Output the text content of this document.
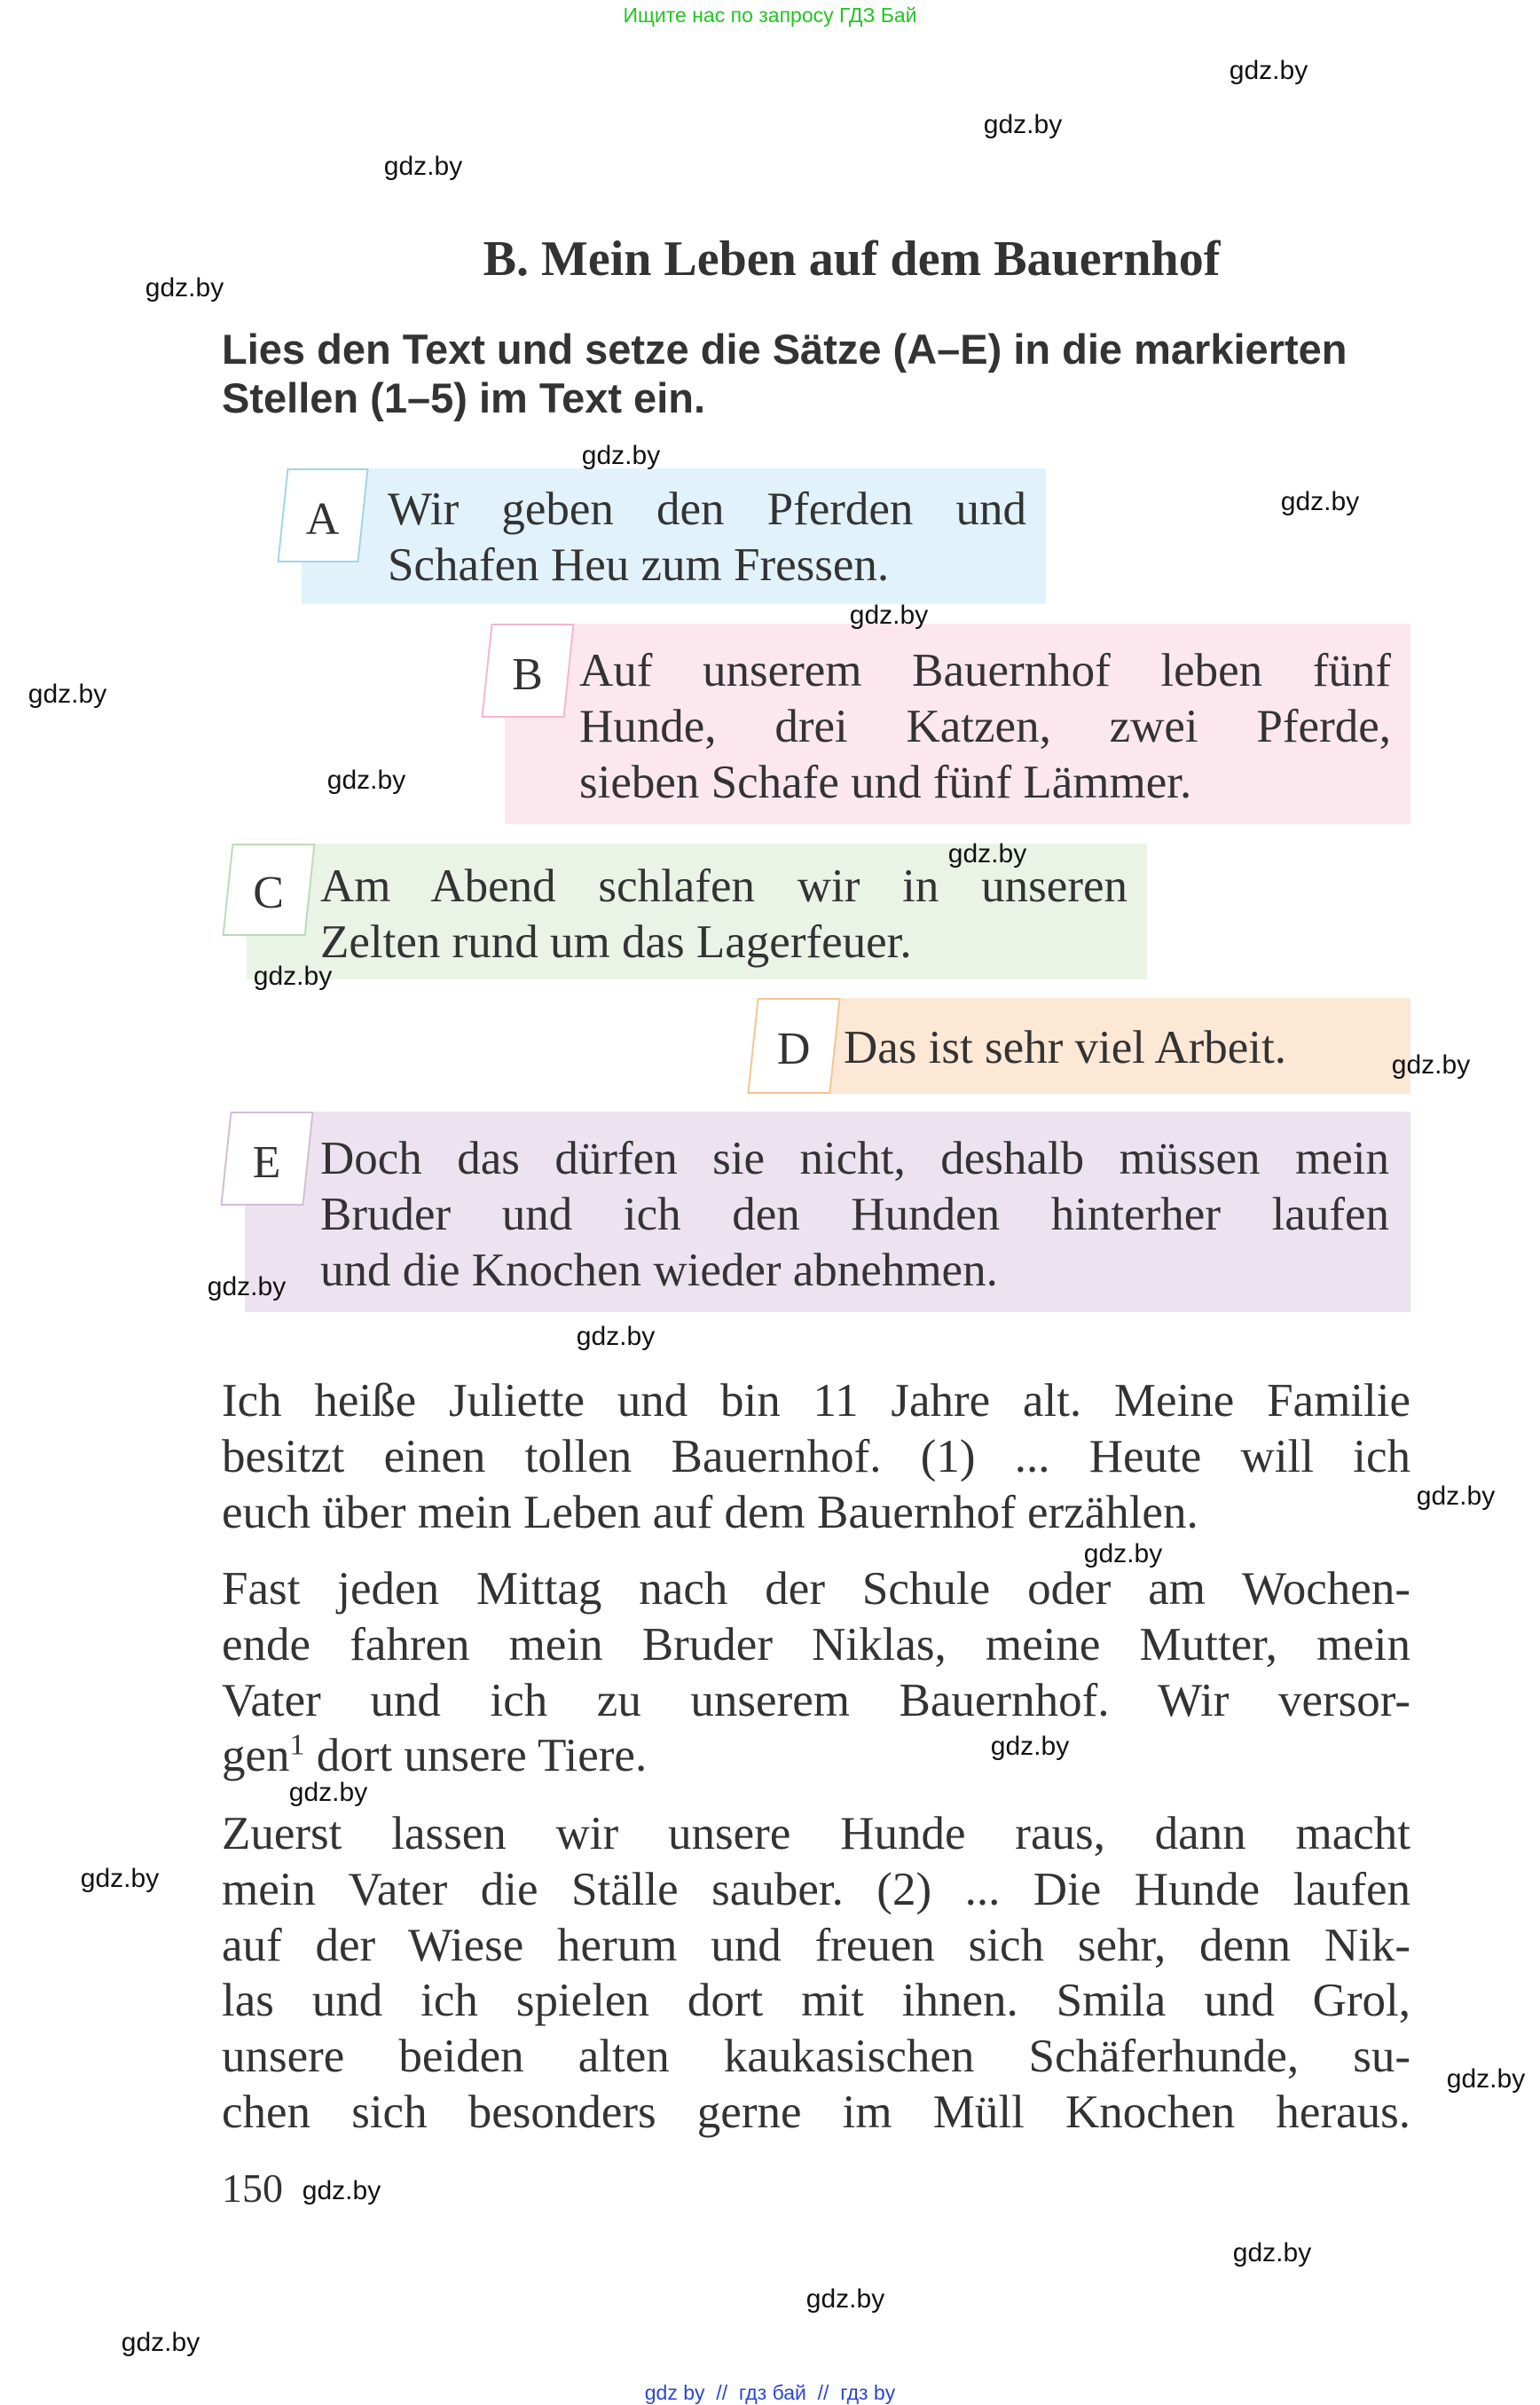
Ищите нас по запросу ГДЗ Бай
B. Mein Leben auf dem Bauernhof
Lies den Text und setze die Sätze (A–E) in die markierten
Stellen (1–5) im Text ein.
A	Wir geben den Pferden und
Schafen Heu zum Fressen.
B Auf unserem Bauernhof leben fünf
Hunde, drei Katzen, zwei Pferde,
sieben Schafe und fünf Lämmer.
C Am Abend schlafen wir in unseren
Zelten rund um das Lagerfeuer.
D Das ist sehr viel Arbeit.
E Doch das dürfen sie nicht, deshalb müssen mein
Bruder und ich den Hunden hinterher laufen
und die Knochen wieder abnehmen.
Ich heiße Juliette und bin 11 Jahre alt. Meine Familie
besitzt einen tollen Bauernhof. (1) ... Heute will ich
euch über mein Leben auf dem Bauernhof erzählen.
Fast jeden Mittag nach der Schule oder am Wochen-
ende fahren mein Bruder Niklas, meine Mutter, mein
Vater und ich zu unserem Bauernhof. Wir versor-
gen$^1$ dort unsere Tiere.
Zuerst lassen wir unsere Hunde raus, dann macht
mein Vater die Ställe sauber. (2) ... Die Hunde laufen
auf der Wiese herum und freuen sich sehr, denn Nik-
las und ich spielen dort mit ihnen. Smila und Grol,
unsere beiden alten kaukasischen Schäferhunde, su-
chen sich besonders gerne im Müll Knochen heraus.
150
gdz.by
gdz.by
gdz.by
gdz.by
gdz.by
gdz.by
gdz.by
gdz.by
gdz.by
gdz.by
gdz.by
gdz.by
gdz.by
gdz.by
gdz.by
gdz.by
gdz.by
gdz.by
gdz.by
gdz.by
gdz.by
gdz.by
gdz.by
gdz.by
gdz by  //  гдз бай  //  гдз by
